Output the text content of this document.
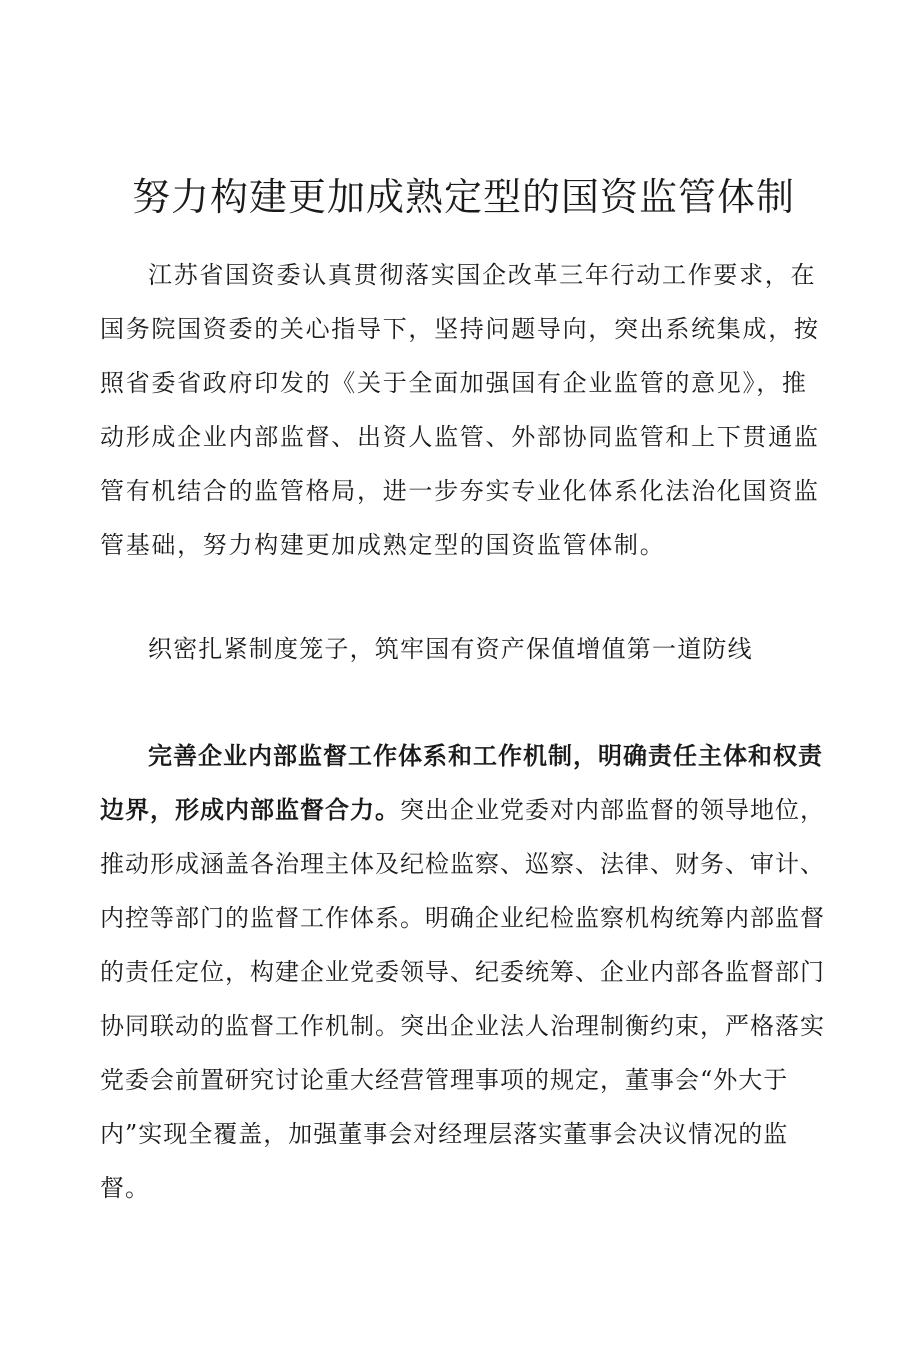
努力构建更加成熟定型的国资监管体制

江苏省国资委认真贯彻落实国企改革三年行动工作要求，在国务院国资委的关心指导下，坚持问题导向，突出系统集成，按照省委省政府印发的《关于全面加强国有企业监管的意见》，推动形成企业内部监督、出资人监管、外部协同监管和上下贯通监管有机结合的监管格局，进一步夯实专业化体系化法治化国资监管基础，努力构建更加成熟定型的国资监管体制。

织密扎紧制度笼子，筑牢国有资产保值增值第一道防线

完善企业内部监督工作体系和工作机制，明确责任主体和权责边界，形成内部监督合力。突出企业党委对内部监督的领导地位，推动形成涵盖各治理主体及纪检监察、巡察、法律、财务、审计、内控等部门的监督工作体系。明确企业纪检监察机构统筹内部监督的责任定位，构建企业党委领导、纪委统筹、企业内部各监督部门协同联动的监督工作机制。突出企业法人治理制衡约束，严格落实党委会前置研究讨论重大经营管理事项的规定，董事会“外大于内”实现全覆盖，加强董事会对经理层落实董事会决议情况的监督。
